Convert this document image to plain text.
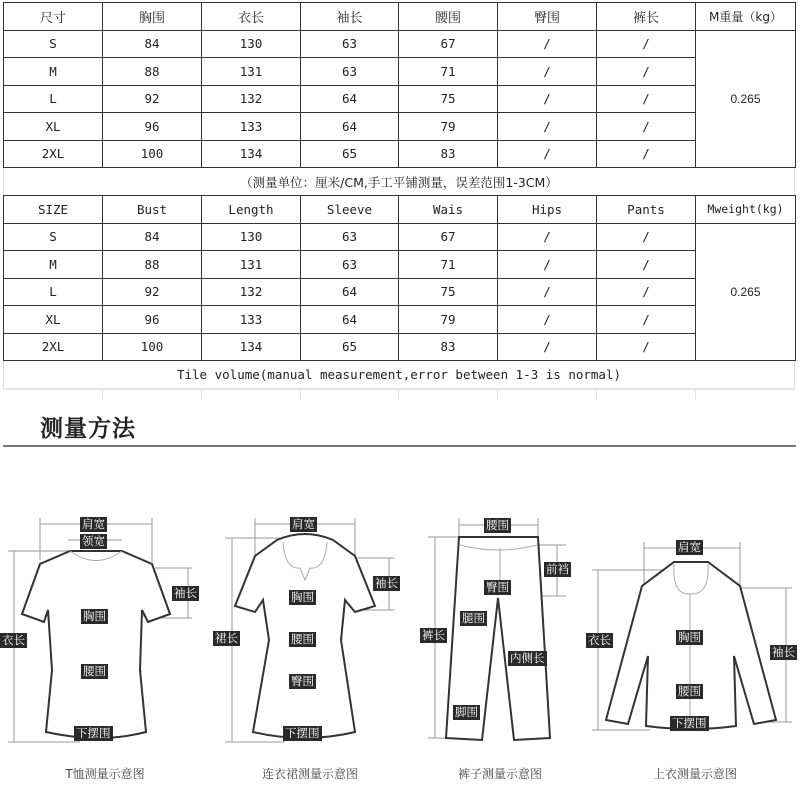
尺寸	胸围	衣长	袖长	腰围	臀围	裤长	M重量（kg）
S	84	130	63	67	/	/	0.265
M	88	131	63	71	/	/	
L	92	132	64	75	/	/	
XL	96	133	64	79	/	/	
2XL	100	134	65	83	/	/	
（测量单位：厘米/CM,手工平铺测量，误差范围1-3CM）
SIZE	Bust	Length	Sleeve	Wais	Hips	Pants	Mweight(kg)
S	84	130	63	67	/	/	0.265
M	88	131	63	71	/	/	
L	92	132	64	75	/	/	
XL	96	133	64	79	/	/	
2XL	100	134	65	83	/	/	
Tile volume(manual measurement,error between 1-3 is normal)
测量方法
肩宽
领宽
袖长
衣长
胸围
腰围
下摆围
T恤测量示意图
肩宽
袖长
裙长
胸围
腰围
臀围
下摆围
连衣裙测量示意图
腰围
前裆
臀围
裤长
腿围
内侧长
脚围
裤子测量示意图
肩宽
衣长
袖长
胸围
腰围
下摆围
上衣测量示意图
